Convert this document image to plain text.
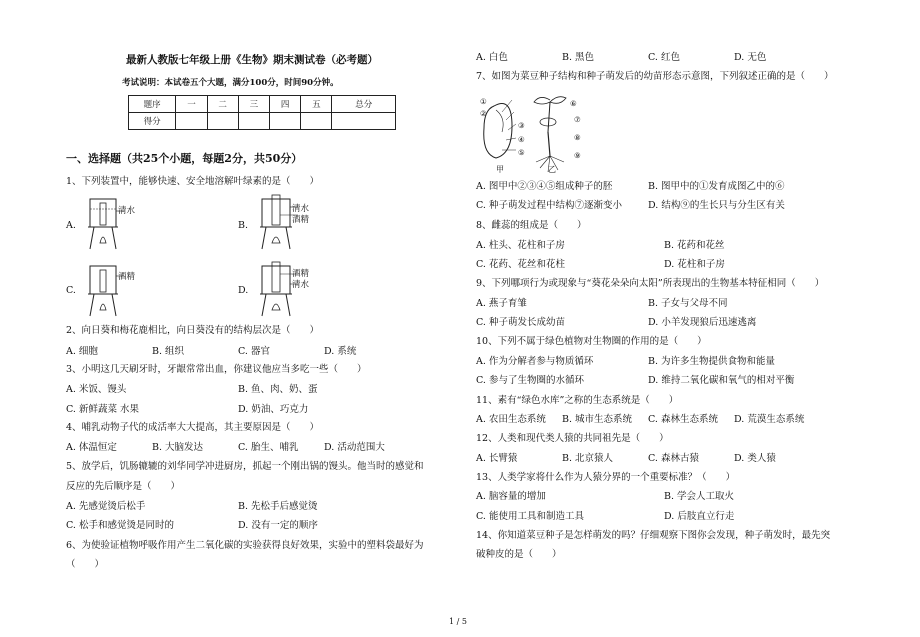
最新人教版七年级上册《生物》期末测试卷（必考题）
考试说明：本试卷五个大题，满分100分，时间90分钟。
题序	一	二	三	四	五	总分
得分						
一、选择题（共25个小题，每题2分，共50分）
1、下列装置中，能够快速、安全地溶解叶绿素的是（　　）
A.
清水
B.
清水
酒精
C.
酒精
D.
酒精
清水
2、向日葵和梅花鹿相比，向日葵没有的结构层次是（　　）
A. 细胞	B. 组织	C. 器官	D. 系统
3、小明这几天刷牙时，牙龈常常出血，你建议他应当多吃一些（　　）
A. 米饭、馒头	B. 鱼、肉、奶、蛋
C. 新鲜蔬菜 水果	D. 奶油、巧克力
4、哺乳动物子代的成活率大大提高，其主要原因是（　　）
A. 体温恒定	B. 大脑发达	C. 胎生、哺乳	D. 活动范围大
5、放学后，饥肠辘辘的刘华同学冲进厨房，抓起一个刚出锅的馒头。他当时的感觉和
反应的先后顺序是（　　）
A. 先感觉烫后松手	B. 先松手后感觉烫
C. 松手和感觉烫是同时的	D. 没有一定的顺序
6、为使验证植物呼吸作用产生二氧化碳的实验获得良好效果，实验中的塑料袋最好为
（　　）
A. 白色	B. 黑色	C. 红色	D. 无色
7、如图为菜豆种子结构和种子萌发后的幼苗形态示意图，下列叙述正确的是（　　）
①
②
③
④
⑤
⑥
⑦
⑧
⑨
甲	乙
A. 图甲中②③④⑤组成种子的胚	B. 图甲中的①发育成图乙中的⑥
C. 种子萌发过程中结构⑦逐渐变小	D. 结构⑨的生长只与分生区有关
8、雌蕊的组成是（　　）
A. 柱头、花柱和子房	B. 花药和花丝
C. 花药、花丝和花柱	D. 花柱和子房
9、下列哪项行为或现象与“葵花朵朵向太阳”所表现出的生物基本特征相同（　　）
A. 燕子育雏	B. 子女与父母不同
C. 种子萌发长成幼苗	D. 小羊发现狼后迅速逃离
10、下列不属于绿色植物对生物圈的作用的是（　　）
A. 作为分解者参与物质循环	B. 为许多生物提供食物和能量
C. 参与了生物圈的水循环	D. 维持二氧化碳和氧气的相对平衡
11、素有“绿色水库”之称的生态系统是（　　）
A. 农田生态系统 B. 城市生态系统 C. 森林生态系统 D. 荒漠生态系统
12、人类和现代类人猿的共同祖先是（　　）
A. 长臂猿	B. 北京猿人	C. 森林古猿	D. 类人猿
13、人类学家将什么作为人猿分界的一个重要标准？（　　）
A. 脑容量的增加	B. 学会人工取火
C. 能使用工具和制造工具	D. 后肢直立行走
14、你知道菜豆种子是怎样萌发的吗？仔细观察下图你会发现，种子萌发时，最先突
破种皮的是（　　）
1 / 5
